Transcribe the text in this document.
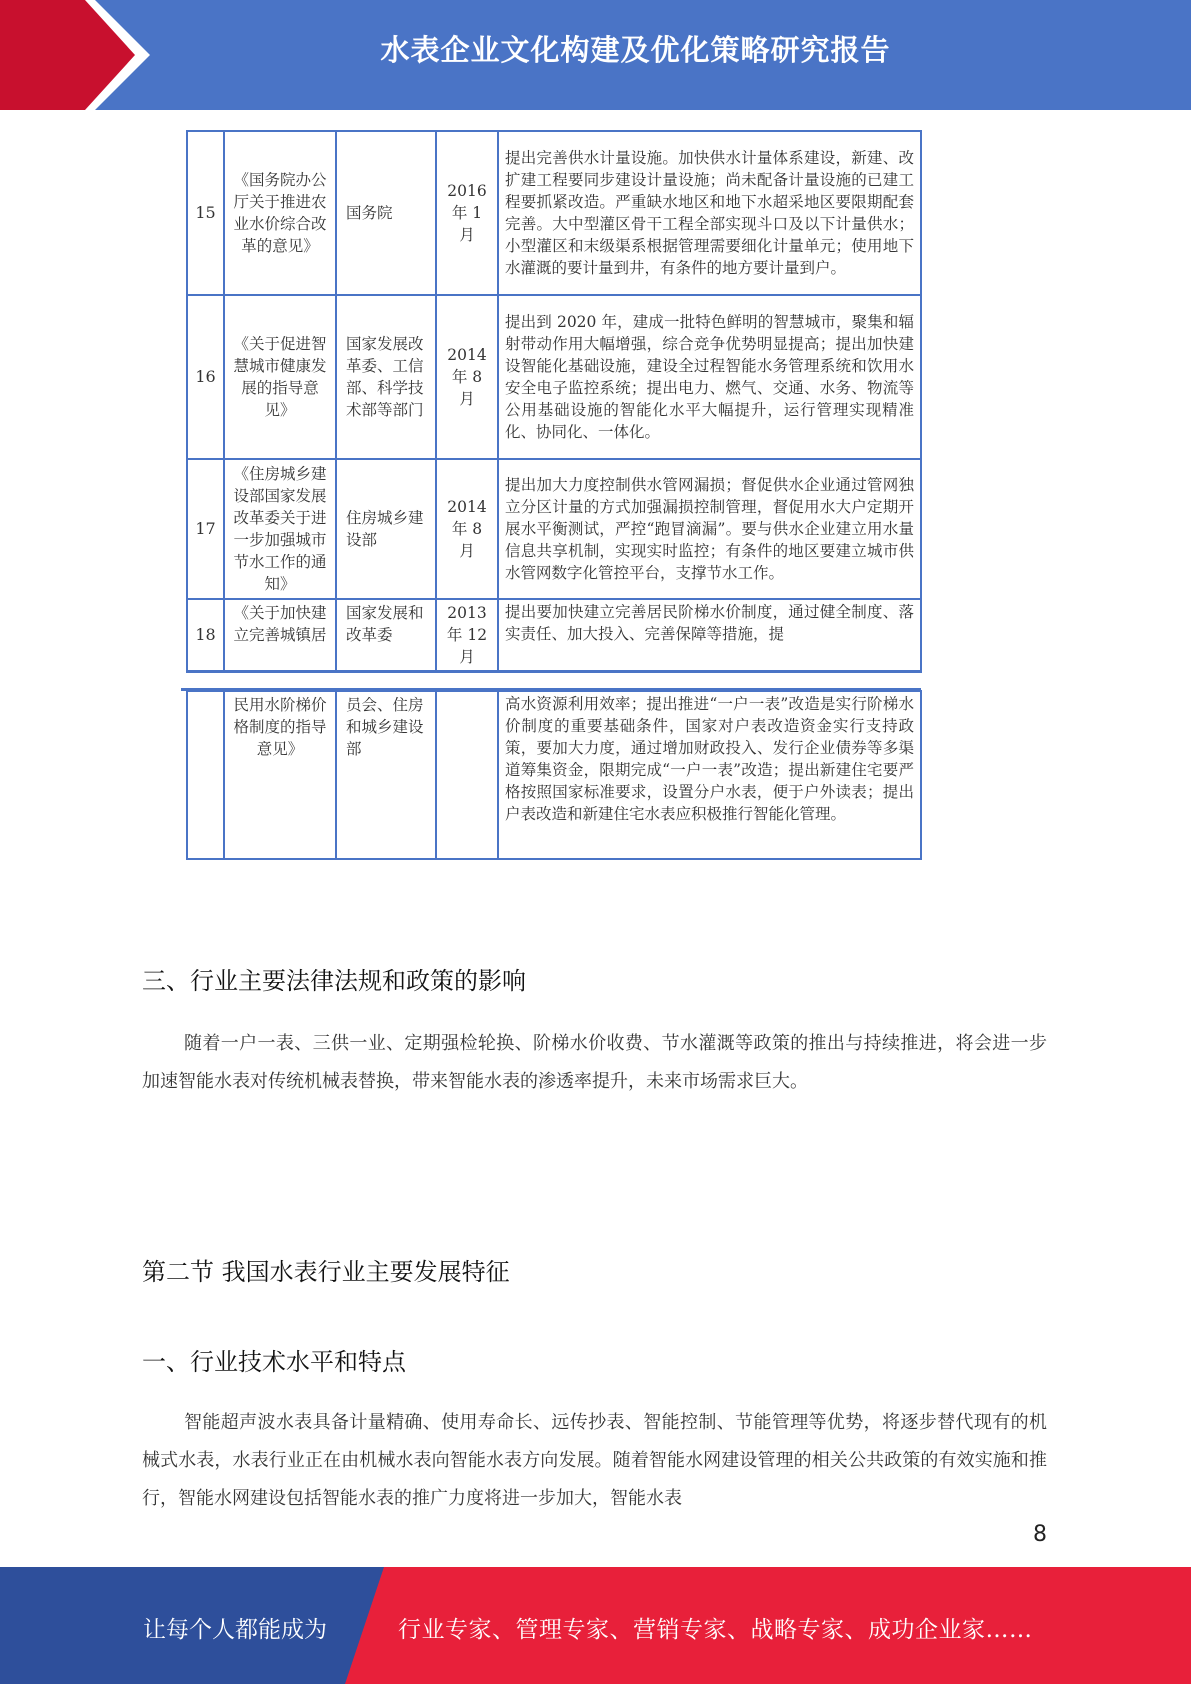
水表企业文化构建及优化策略研究报告
15	《国务院办公厅关于推进农业水价综合改革的意见》	国务院	2016 年 1 月	提出完善供水计量设施。加快供水计量体系建设，新建、改扩建工程要同步建设计量设施；尚未配备计量设施的已建工程要抓紧改造。严重缺水地区和地下水超采地区要限期配套完善。大中型灌区骨干工程全部实现斗口及以下计量供水；小型灌区和末级渠系根据管理需要细化计量单元；使用地下水灌溉的要计量到井，有条件的地方要计量到户。
16	《关于促进智慧城市健康发展的指导意见》	国家发展改革委、工信部、科学技术部等部门	2014 年 8 月	提出到 2020 年，建成一批特色鲜明的智慧城市，聚集和辐射带动作用大幅增强，综合竞争优势明显提高；提出加快建设智能化基础设施，建设全过程智能水务管理系统和饮用水安全电子监控系统；提出电力、燃气、交通、水务、物流等公用基础设施的智能化水平大幅提升，运行管理实现精准化、协同化、一体化。
17	《住房城乡建设部国家发展改革委关于进一步加强城市节水工作的通知》	住房城乡建设部	2014 年 8 月	提出加大力度控制供水管网漏损；督促供水企业通过管网独立分区计量的方式加强漏损控制管理，督促用水大户定期开展水平衡测试，严控“跑冒滴漏”。要与供水企业建立用水量信息共享机制，实现实时监控；有条件的地区要建立城市供水管网数字化管控平台，支撑节水工作。
18	《关于加快建立完善城镇居	国家发展和改革委	2013 年 12 月	提出要加快建立完善居民阶梯水价制度，通过健全制度、落实责任、加大投入、完善保障等措施，提
	民用水阶梯价格制度的指导意见》	员会、住房和城乡建设部		高水资源利用效率；提出推进“一户一表”改造是实行阶梯水价制度的重要基础条件，国家对户表改造资金实行支持政策，要加大力度，通过增加财政投入、发行企业债券等多渠道筹集资金，限期完成“一户一表”改造；提出新建住宅要严格按照国家标准要求，设置分户水表，便于户外读表；提出户表改造和新建住宅水表应积极推行智能化管理。
三、行业主要法律法规和政策的影响
随着一户一表、三供一业、定期强检轮换、阶梯水价收费、节水灌溉等政策的推出与持续推进，将会进一步加速智能水表对传统机械表替换，带来智能水表的渗透率提升，未来市场需求巨大。
第二节 我国水表行业主要发展特征
一、行业技术水平和特点
智能超声波水表具备计量精确、使用寿命长、远传抄表、智能控制、节能管理等优势，将逐步替代现有的机械式水表，水表行业正在由机械水表向智能水表方向发展。随着智能水网建设管理的相关公共政策的有效实施和推行，智能水网建设包括智能水表的推广力度将进一步加大，智能水表
8
让每个人都能成为	行业专家、管理专家、营销专家、战略专家、成功企业家……
